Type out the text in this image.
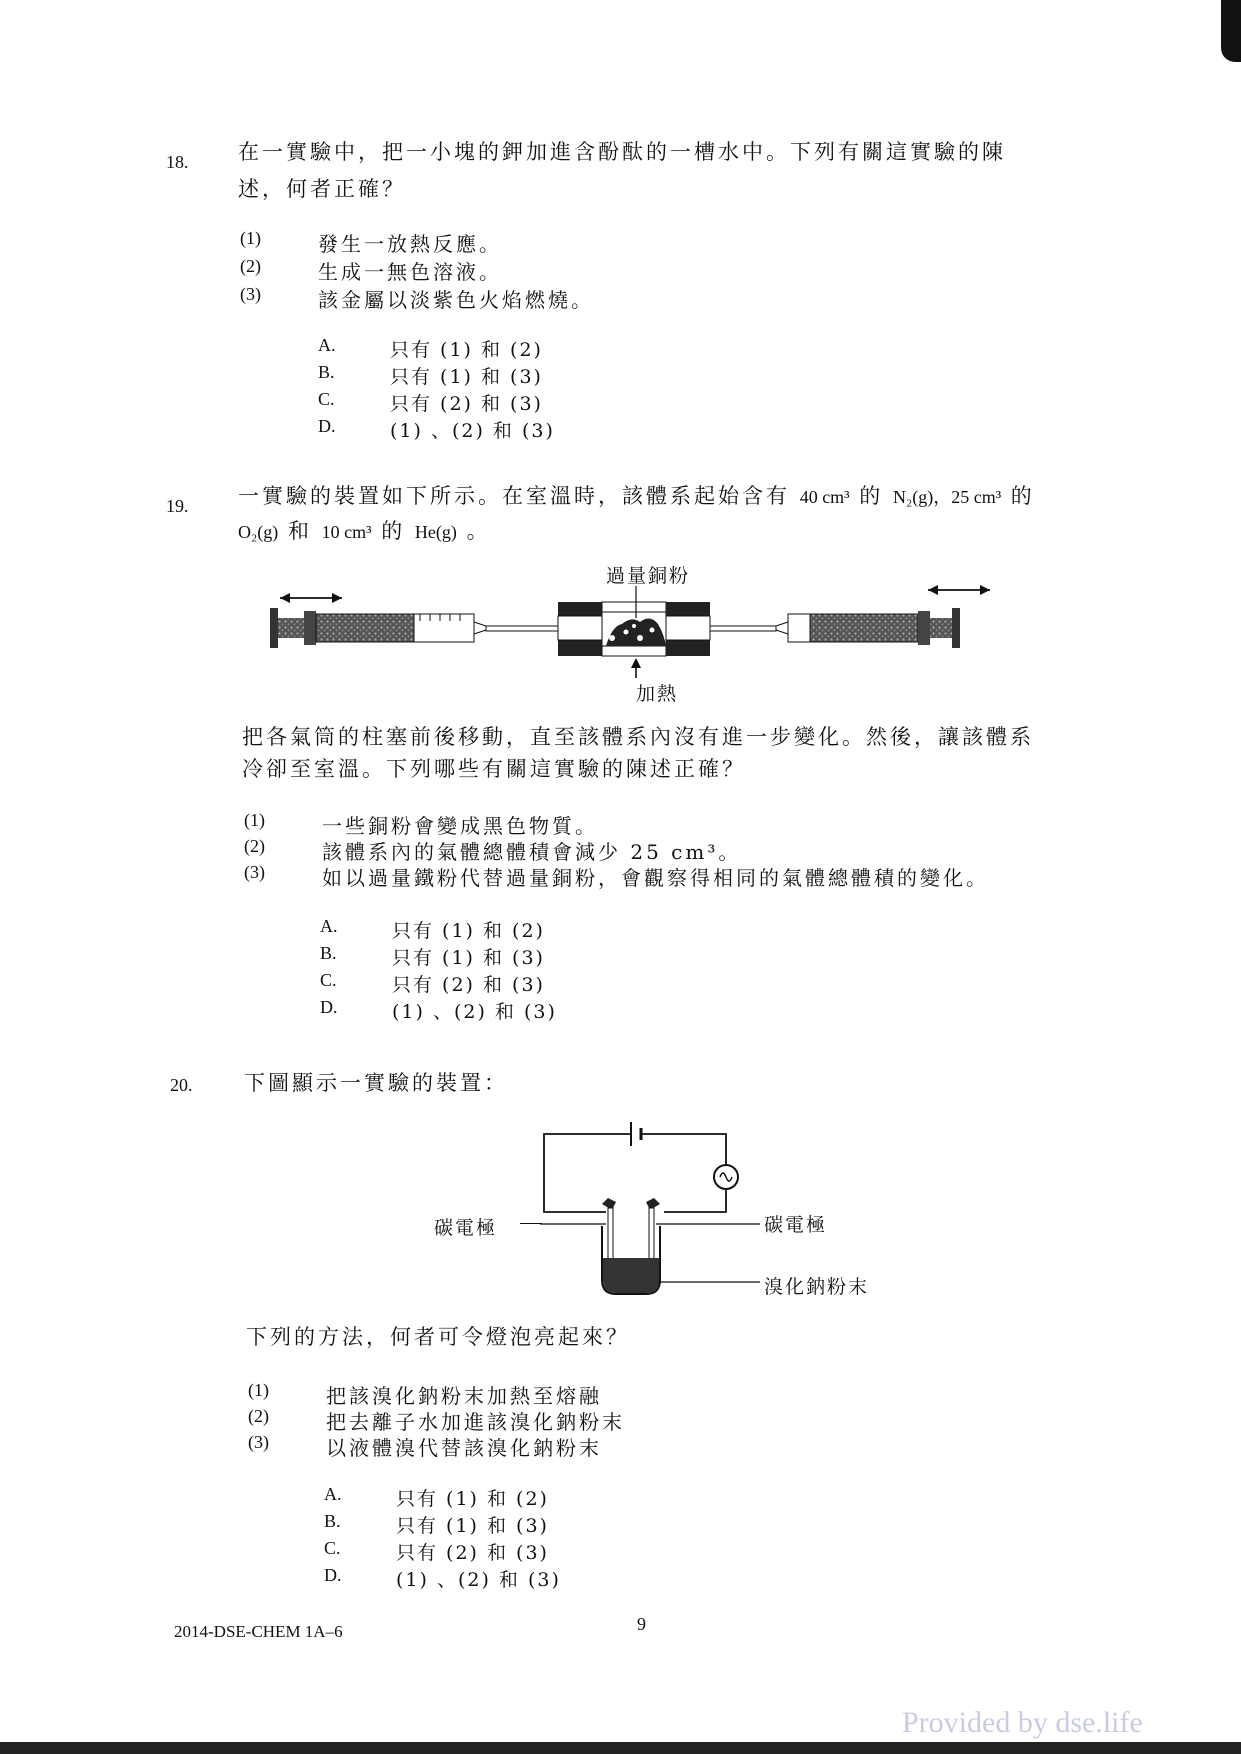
18. 在一實驗中，把一小塊的鉀加進含酚酞的一槽水中。下列有關這實驗的陳
述，何者正確？
(1)	發生一放熱反應。
(2)	生成一無色溶液。
(3)	該金屬以淡紫色火焰燃燒。
A.	只有 (1) 和 (2)
B.	只有 (1) 和 (3)
C.	只有 (2) 和 (3)
D.	(1) 、(2) 和 (3)
19. 一實驗的裝置如下所示。在室溫時，該體系起始含有 40 cm³ 的 N₂(g)，25 cm³ 的
O₂(g) 和 10 cm³ 的 He(g) 。
過量銅粉
加熱
把各氣筒的柱塞前後移動，直至該體系內沒有進一步變化。然後，讓該體系
冷卻至室溫。下列哪些有關這實驗的陳述正確？
(1)	一些銅粉會變成黑色物質。
(2)	該體系內的氣體總體積會減少 25 cm³。
(3)	如以過量鐵粉代替過量銅粉，會觀察得相同的氣體總體積的變化。
A.	只有 (1) 和 (2)
B.	只有 (1) 和 (3)
C.	只有 (2) 和 (3)
D.	(1) 、(2) 和 (3)
20. 下圖顯示一實驗的裝置：
碳電極	碳電極
溴化鈉粉末
下列的方法，何者可令燈泡亮起來？
(1)	把該溴化鈉粉末加熱至熔融
(2)	把去離子水加進該溴化鈉粉末
(3)	以液體溴代替該溴化鈉粉末
A.	只有 (1) 和 (2)
B.	只有 (1) 和 (3)
C.	只有 (2) 和 (3)
D.	(1) 、(2) 和 (3)
2014-DSE-CHEM 1A–6	9
Provided by dse.life
